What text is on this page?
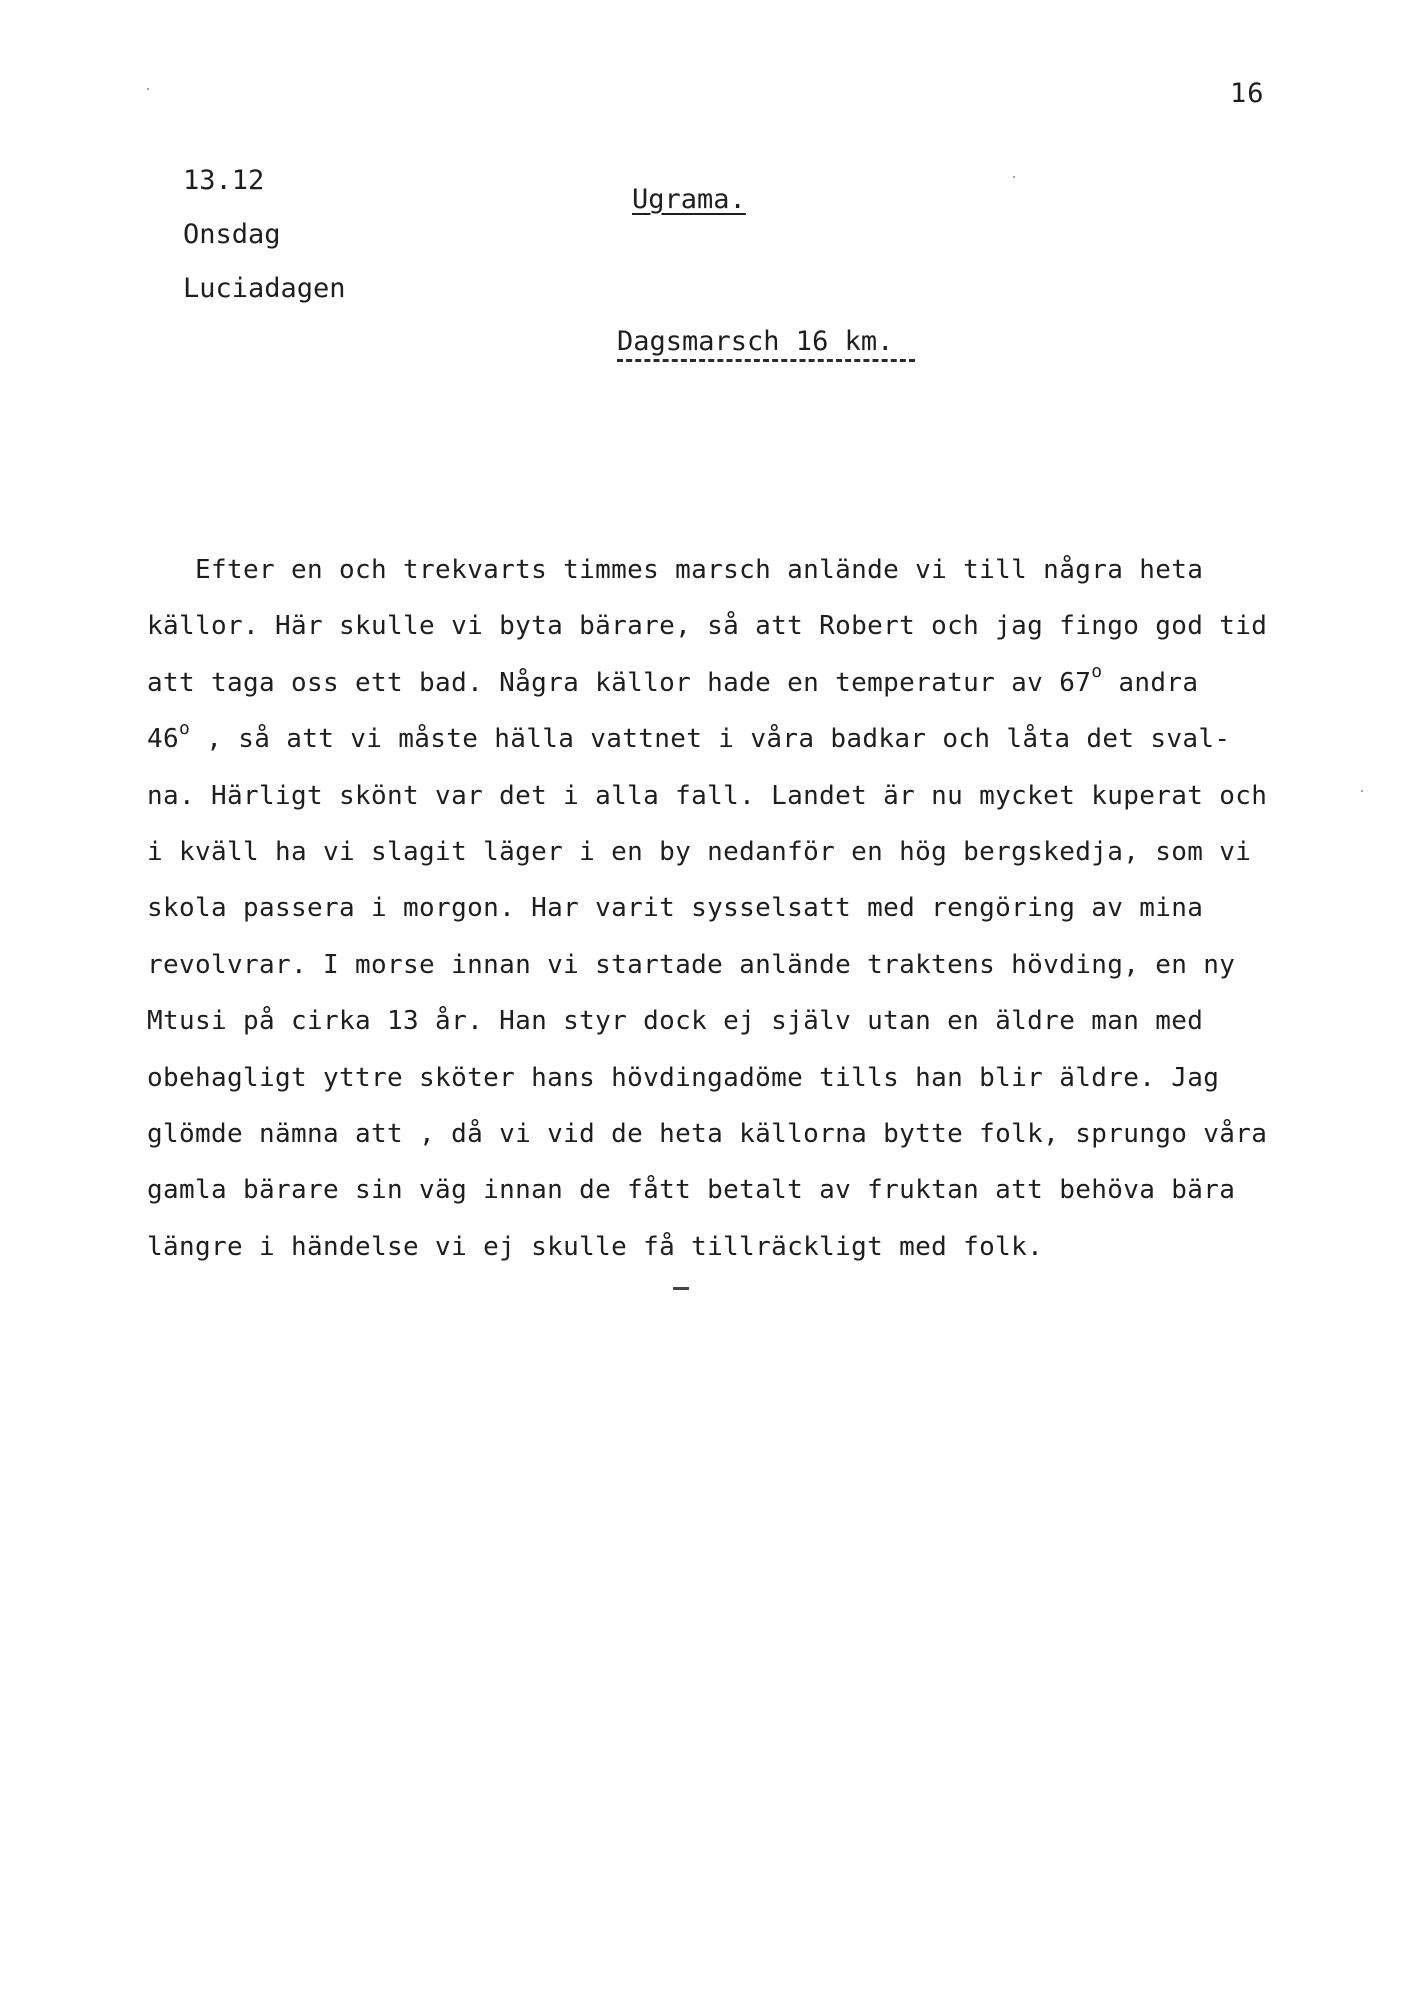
16
13.12
Onsdag
Luciadagen
Ugrama.
Dagsmarsch 16 km.
Efter en och trekvarts timmes marsch anlände vi till några heta
källor. Här skulle vi byta bärare, så att Robert och jag fingo god tid
att taga oss ett bad. Några källor hade en temperatur av 67$^o$ andra
46$^o$ , så att vi måste hälla vattnet i våra badkar och låta det sval-
na. Härligt skönt var det i alla fall. Landet är nu mycket kuperat och
i kväll ha vi slagit läger i en by nedanför en hög bergskedja, som vi
skola passera i morgon. Har varit sysselsatt med rengöring av mina
revolvrar. I morse innan vi startade anlände traktens hövding, en ny
Mtusi på cirka 13 år. Han styr dock ej själv utan en äldre man med
obehagligt yttre sköter hans hövdingadöme tills han blir äldre. Jag
glömde nämna att , då vi vid de heta källorna bytte folk, sprungo våra
gamla bärare sin väg innan de fått betalt av fruktan att behöva bära
längre i händelse vi ej skulle få tillräckligt med folk.
